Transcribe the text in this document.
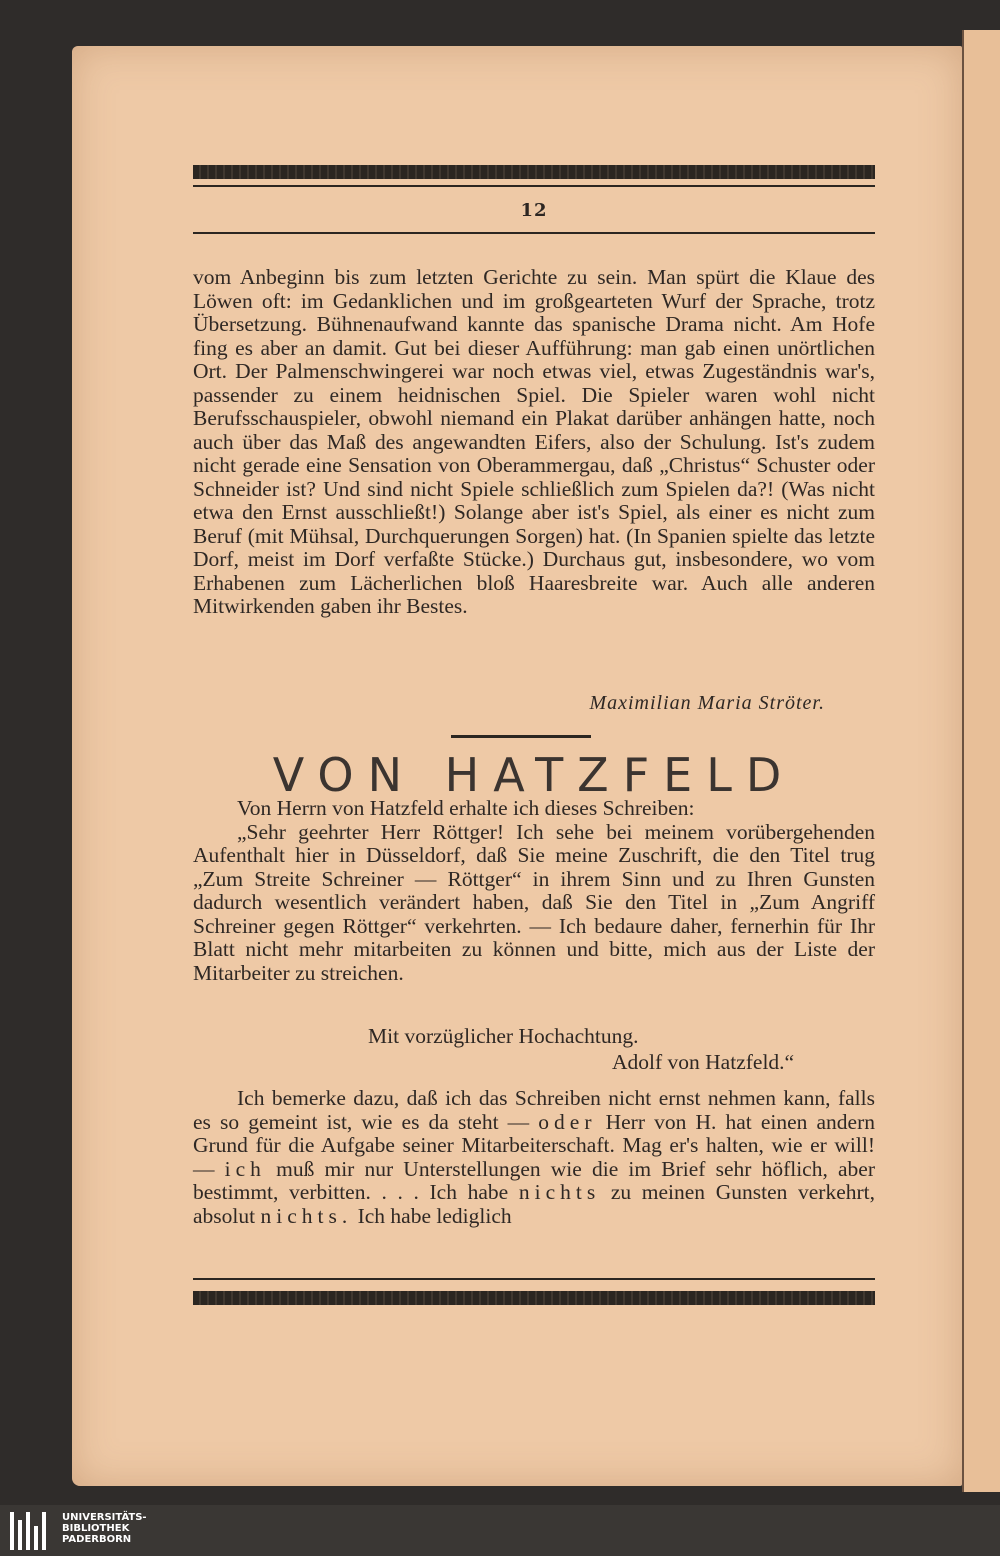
12

vom Anbeginn bis zum letzten Gerichte zu sein. Man spürt die Klaue des Löwen oft: im Gedanklichen und im großgearteten Wurf der Sprache, trotz Übersetzung. Bühnenaufwand kannte das spanische Drama nicht. Am Hofe fing es aber an damit. Gut bei dieser Aufführung: man gab einen unörtlichen Ort. Der Palmenschwingerei war noch etwas viel, etwas Zugeständnis war's, passender zu einem heidnischen Spiel. Die Spieler waren wohl nicht Berufsschauspieler, obwohl niemand ein Plakat darüber anhängen hatte, noch auch über das Maß des angewandten Eifers, also der Schulung. Ist's zudem nicht gerade eine Sensation von Oberammergau, daß „Christus“ Schuster oder Schneider ist? Und sind nicht Spiele schließlich zum Spielen da?! (Was nicht etwa den Ernst ausschließt!) Solange aber ist's Spiel, als einer es nicht zum Beruf (mit Mühsal, Durchquerungen Sorgen) hat. (In Spanien spielte das letzte Dorf, meist im Dorf verfaßte Stücke.) Durchaus gut, insbesondere, wo vom Erhabenen zum Lächerlichen bloß Haaresbreite war. Auch alle anderen Mitwirkenden gaben ihr Bestes.

Maximilian Maria Ströter.
VON HATZFELD

Von Herrn von Hatzfeld erhalte ich dieses Schreiben:

„Sehr geehrter Herr Röttger! Ich sehe bei meinem vorübergehenden Aufenthalt hier in Düsseldorf, daß Sie meine Zuschrift, die den Titel trug „Zum Streite Schreiner — Röttger“ in ihrem Sinn und zu Ihren Gunsten dadurch wesentlich verändert haben, daß Sie den Titel in „Zum Angriff Schreiner gegen Röttger“ verkehrten. — Ich bedaure daher, fernerhin für Ihr Blatt nicht mehr mitarbeiten zu können und bitte, mich aus der Liste der Mitarbeiter zu streichen.

Mit vorzüglicher Hochachtung.
Adolf von Hatzfeld.“

Ich bemerke dazu, daß ich das Schreiben nicht ernst nehmen kann, falls es so gemeint ist, wie es da steht — oder Herr von H. hat einen andern Grund für die Aufgabe seiner Mitarbeiterschaft. Mag er's halten, wie er will! — ich muß mir nur Unterstellungen wie die im Brief sehr höflich, aber bestimmt, verbitten. . . . Ich habe nichts zu meinen Gunsten verkehrt, absolut nichts. Ich habe lediglich

UNIVERSITÄTS-
BIBLIOTHEK
PADERBORN
